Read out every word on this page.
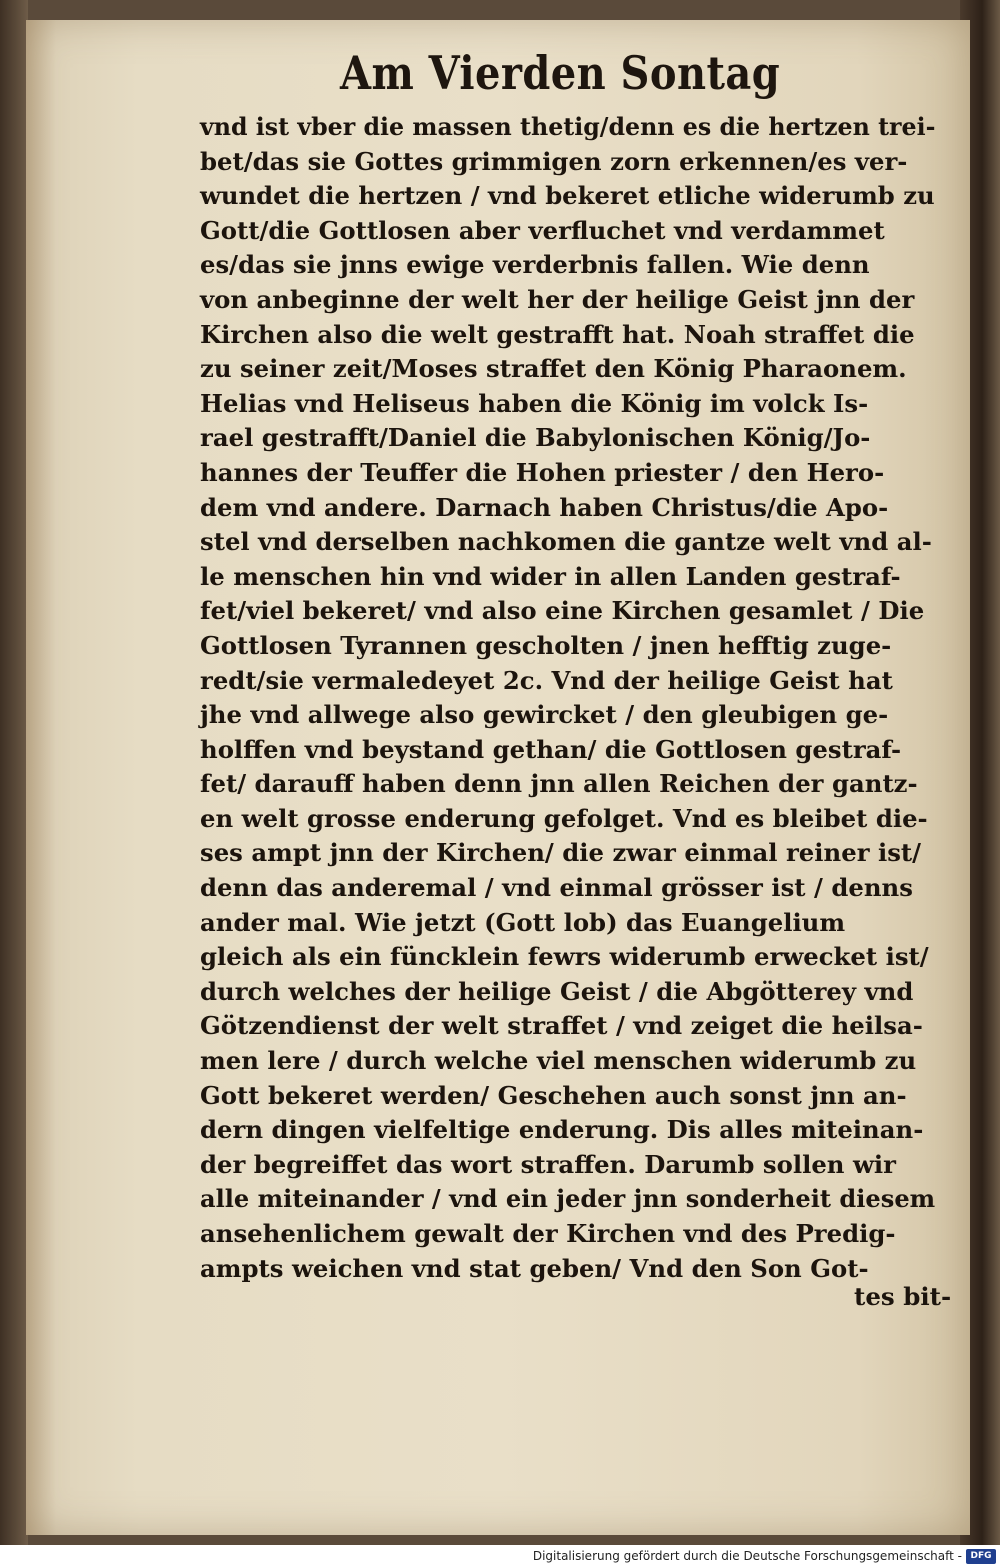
Am Vierden Sontag
vnd ist vber die massen thetig/denn es die hertzen trei-
bet/das sie Gottes grimmigen zorn erkennen/es ver-
wundet die hertzen / vnd bekeret etliche widerumb zu
Gott/die Gottlosen aber verfluchet vnd verdammet
es/das sie jnns ewige verderbnis fallen. Wie denn
von anbeginne der welt her der heilige Geist jnn der
Kirchen also die welt gestrafft hat. Noah straffet die
zu seiner zeit/Moses straffet den König Pharaonem.
Helias vnd Heliseus haben die König im volck Is-
rael gestrafft/Daniel die Babylonischen König/Jo-
hannes der Teuffer die Hohen priester / den Hero-
dem vnd andere. Darnach haben Christus/die Apo-
stel vnd derselben nachkomen die gantze welt vnd al-
le menschen hin vnd wider in allen Landen gestraf-
fet/viel bekeret/ vnd also eine Kirchen gesamlet / Die
Gottlosen Tyrannen gescholten / jnen hefftig zuge-
redt/sie vermaledeyet 2c. Vnd der heilige Geist hat
jhe vnd allwege also gewircket / den gleubigen ge-
holffen vnd beystand gethan/ die Gottlosen gestraf-
fet/ darauff haben denn jnn allen Reichen der gantz-
en welt grosse enderung gefolget. Vnd es bleibet die-
ses ampt jnn der Kirchen/ die zwar einmal reiner ist/
denn das anderemal / vnd einmal grösser ist / denns
ander mal. Wie jetzt (Gott lob) das Euangelium
gleich als ein füncklein fewrs widerumb erwecket ist/
durch welches der heilige Geist / die Abgötterey vnd
Götzendienst der welt straffet / vnd zeiget die heilsa-
men lere / durch welche viel menschen widerumb zu
Gott bekeret werden/ Geschehen auch sonst jnn an-
dern dingen vielfeltige enderung. Dis alles miteinan-
der begreiffet das wort straffen. Darumb sollen wir
alle miteinander / vnd ein jeder jnn sonderheit diesem
ansehenlichem gewalt der Kirchen vnd des Predig-
ampts weichen vnd stat geben/ Vnd den Son Got-
tes bit-
Digitalisierung gefördert durch die Deutsche Forschungsgemeinschaft - DFG
